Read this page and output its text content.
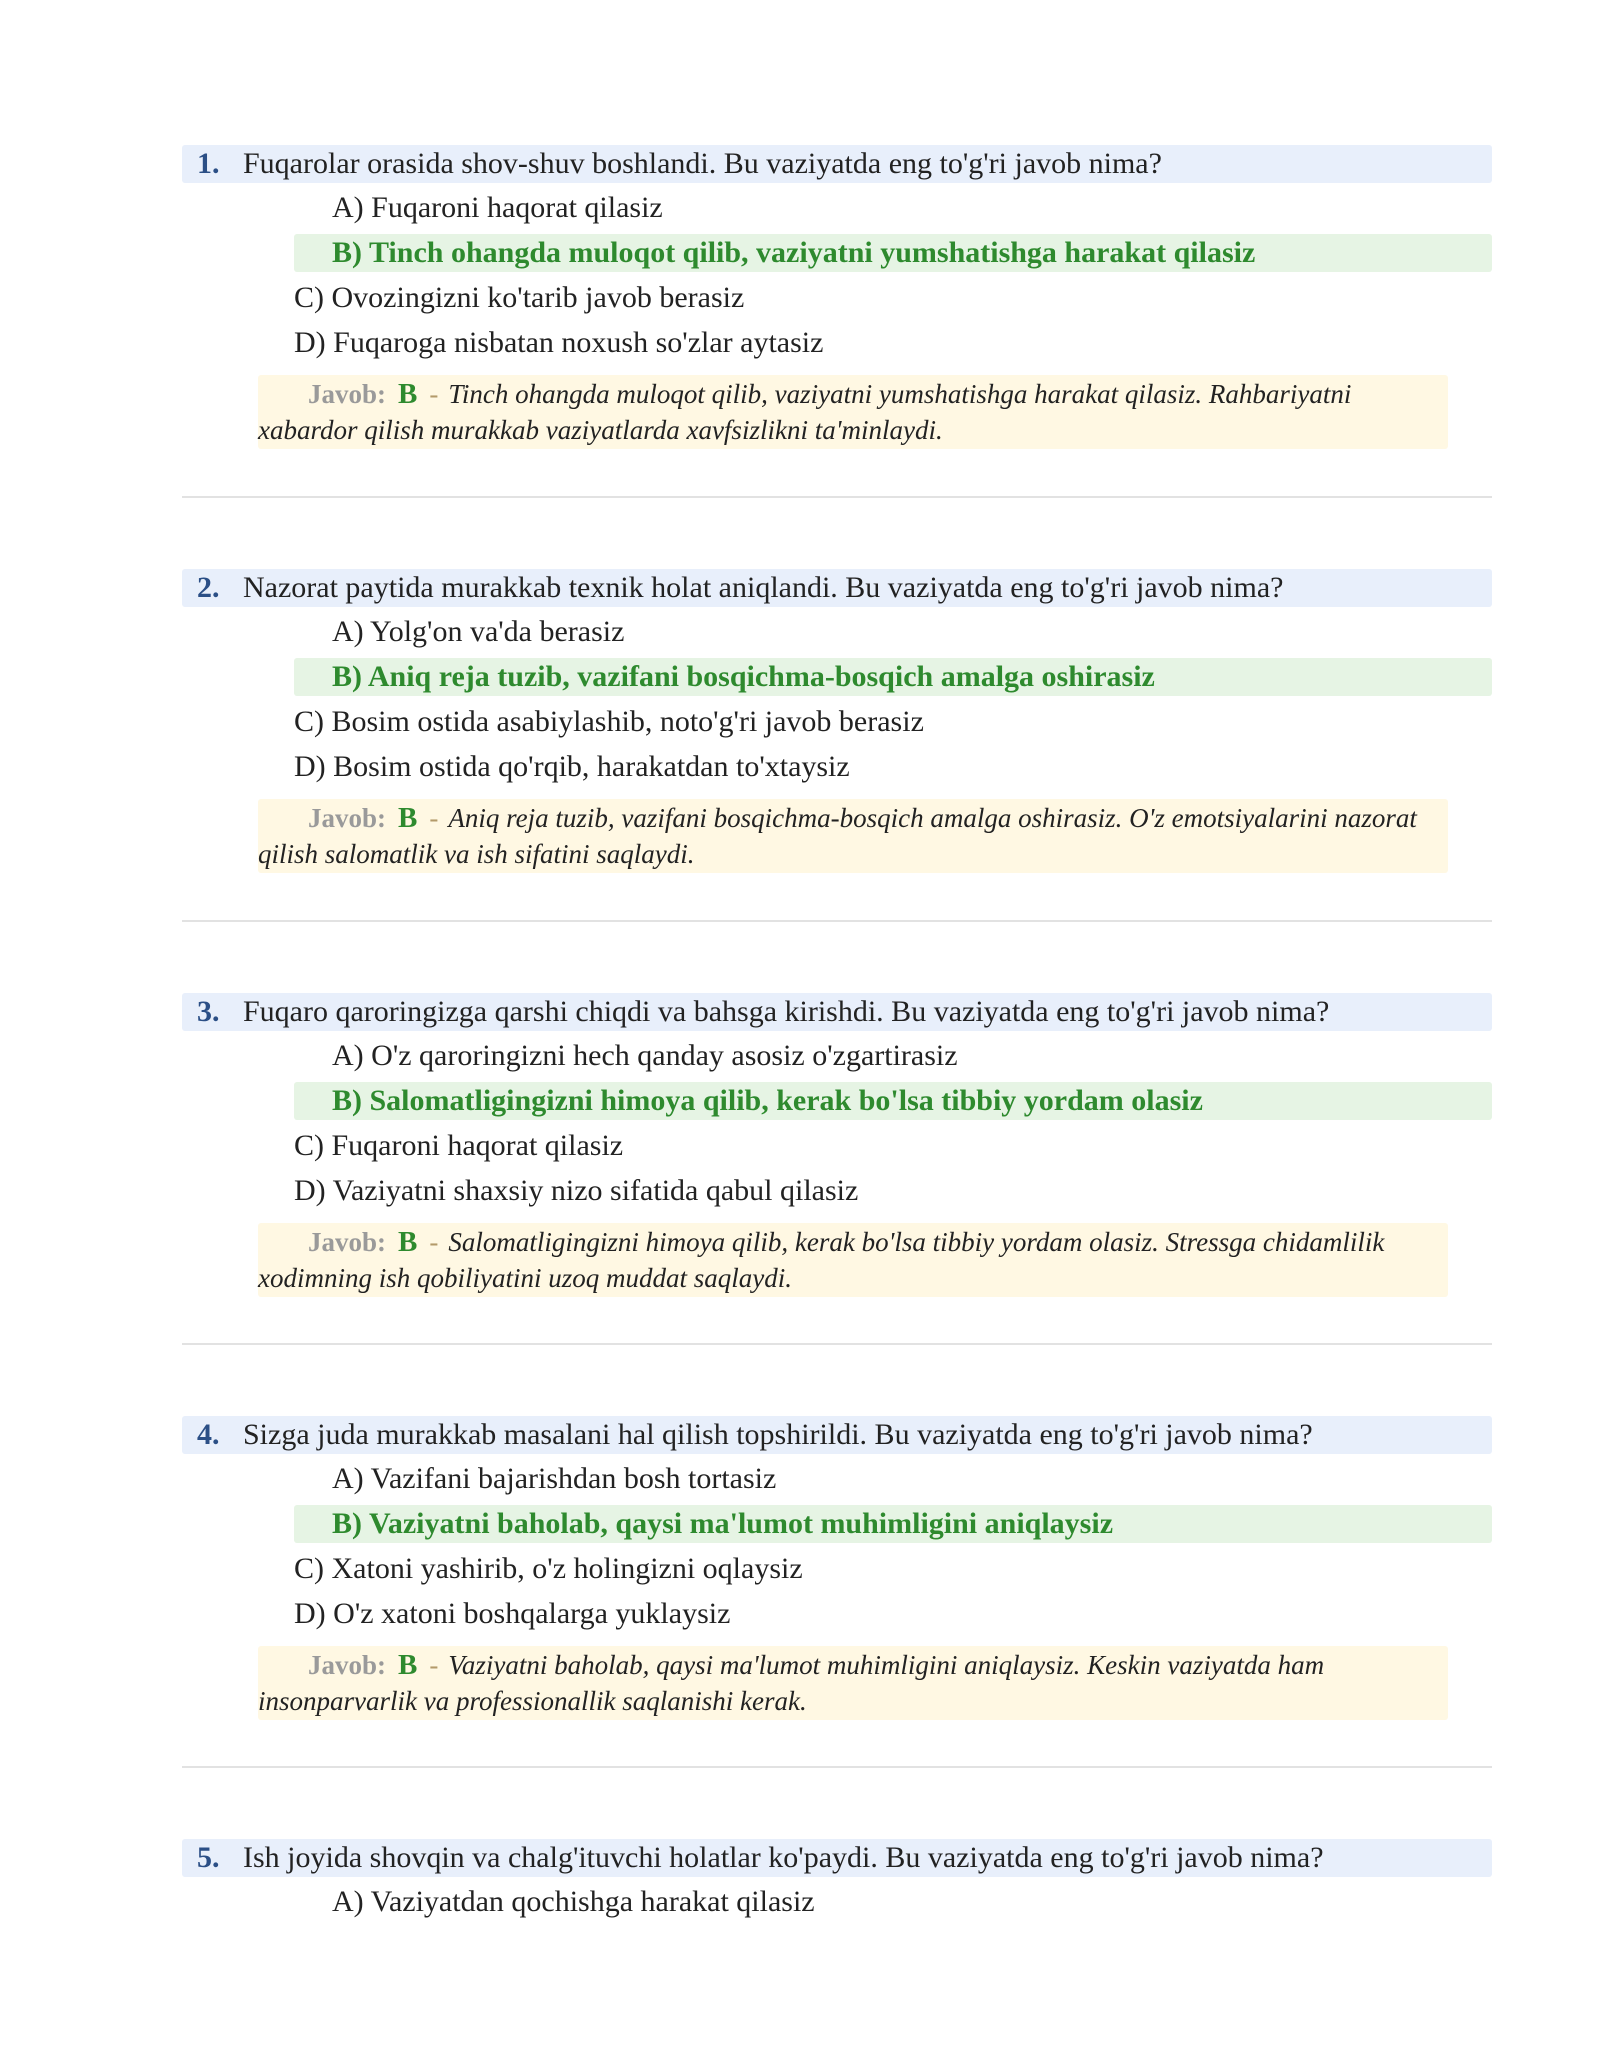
1. Fuqarolar orasida shov-shuv boshlandi. Bu vaziyatda eng to'g'ri javob nima?
A) Fuqaroni haqorat qilasiz
B) Tinch ohangda muloqot qilib, vaziyatni yumshatishga harakat qilasiz
C) Ovozingizni ko'tarib javob berasiz
D) Fuqaroga nisbatan noxush so'zlar aytasiz
Javob: B - Tinch ohangda muloqot qilib, vaziyatni yumshatishga harakat qilasiz. Rahbariyatni xabardor qilish murakkab vaziyatlarda xavfsizlikni ta'minlaydi.
2. Nazorat paytida murakkab texnik holat aniqlandi. Bu vaziyatda eng to'g'ri javob nima?
A) Yolg'on va'da berasiz
B) Aniq reja tuzib, vazifani bosqichma-bosqich amalga oshirasiz
C) Bosim ostida asabiylashib, noto'g'ri javob berasiz
D) Bosim ostida qo'rqib, harakatdan to'xtaysiz
Javob: B - Aniq reja tuzib, vazifani bosqichma-bosqich amalga oshirasiz. O'z emotsiyalarini nazorat qilish salomatlik va ish sifatini saqlaydi.
3. Fuqaro qaroringizga qarshi chiqdi va bahsga kirishdi. Bu vaziyatda eng to'g'ri javob nima?
A) O'z qaroringizni hech qanday asosiz o'zgartirasiz
B) Salomatligingizni himoya qilib, kerak bo'lsa tibbiy yordam olasiz
C) Fuqaroni haqorat qilasiz
D) Vaziyatni shaxsiy nizo sifatida qabul qilasiz
Javob: B - Salomatligingizni himoya qilib, kerak bo'lsa tibbiy yordam olasiz. Stressga chidamlilik xodimning ish qobiliyatini uzoq muddat saqlaydi.
4. Sizga juda murakkab masalani hal qilish topshirildi. Bu vaziyatda eng to'g'ri javob nima?
A) Vazifani bajarishdan bosh tortasiz
B) Vaziyatni baholab, qaysi ma'lumot muhimligini aniqlaysiz
C) Xatoni yashirib, o'z holingizni oqlaysiz
D) O'z xatoni boshqalarga yuklaysiz
Javob: B - Vaziyatni baholab, qaysi ma'lumot muhimligini aniqlaysiz. Keskin vaziyatda ham insonparvarlik va professionallik saqlanishi kerak.
5. Ish joyida shovqin va chalg'ituvchi holatlar ko'paydi. Bu vaziyatda eng to'g'ri javob nima?
A) Vaziyatdan qochishga harakat qilasiz
